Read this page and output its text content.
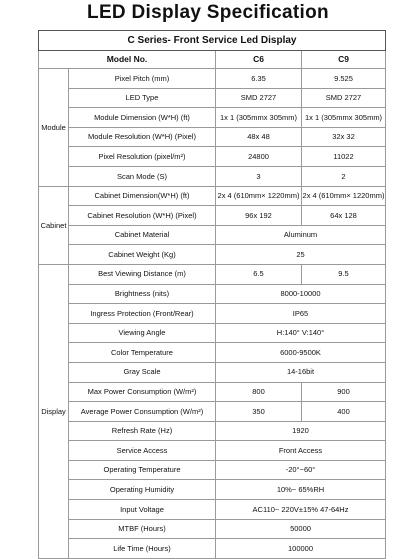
LED Display Specification
C Series- Front Service Led Display			
Model No.		C6	C9
Module	Pixel Pitch (mm)	6.35	9.525
	LED Type	SMD 2727	SMD 2727
	Module Dimension (W*H) (ft)	1x 1 (305mmx 305mm)	1x 1 (305mmx 305mm)
	Module Resolution (W*H) (Pixel)	48x 48	32x 32
	Pixel Resolution (pixel/m²)	24800	11022
	Scan Mode (S)	3	2
Cabinet	Cabinet Dimension(W*H) (ft)	2x 4 (610mm× 1220mm)	2x 4 (610mm× 1220mm)
	Cabinet Resolution (W*H) (Pixel)	96x 192	64x 128
	Cabinet Material	Aluminum	
	Cabinet Weight (Kg)	25	
Display	Best Viewing Distance (m)	6.5	9.5
	Brightness (nits)	8000-10000	
	Ingress Protection (Front/Rear)	IP65	
	Viewing Angle	H:140° V:140°	
	Color Temperature	6000-9500K	
	Gray Scale	14-16bit	
	Max Power Consumption (W/m²)	800	900
	Average Power Consumption (W/m²)	350	400
	Refresh Rate (Hz)	1920	
	Service Access	Front Access	
	Operating Temperature	-20°~60°	
	Operating Humidity	10%~ 65%RH	
	Input Voltage	AC110~ 220V±15% 47-64Hz	
	MTBF (Hours)	50000	
	Life Time (Hours)	100000	
